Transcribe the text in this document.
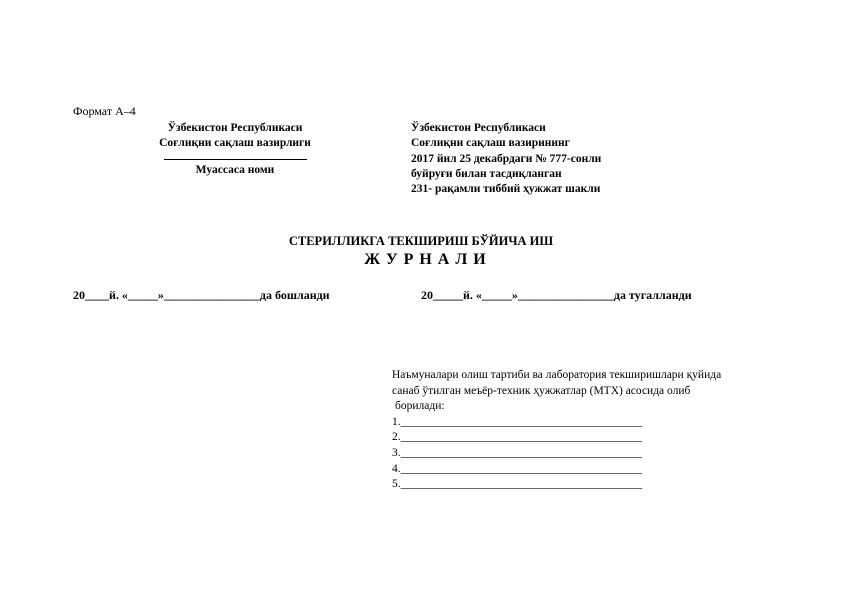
Формат А–4
Ўзбекистон Республикаси
Соғлиқни сақлаш вазирлиги
Муассаса номи
Ўзбекистон Республикаси
Соғлиқни сақлаш вазирининг
2017 йил 25 декабрдаги № 777-сонли
буйруғи билан тасдиқланган
231- рақамли тиббий ҳужжат шакли
СТЕРИЛЛИКГА ТЕКШИРИШ БЎЙИЧА ИШ
ЖУРНАЛИ
20____й. «_____»________________да бошланди	20_____й. «_____»________________да тугалланди
Наъмуналари олиш тартиби ва лаборатория текширишлари қуйида
санаб ўтилган меъёр-техник ҳужжатлар (МТХ) асосида олиб
борилади:
1.__________________________________________
2.__________________________________________
3.__________________________________________
4.__________________________________________
5.__________________________________________
